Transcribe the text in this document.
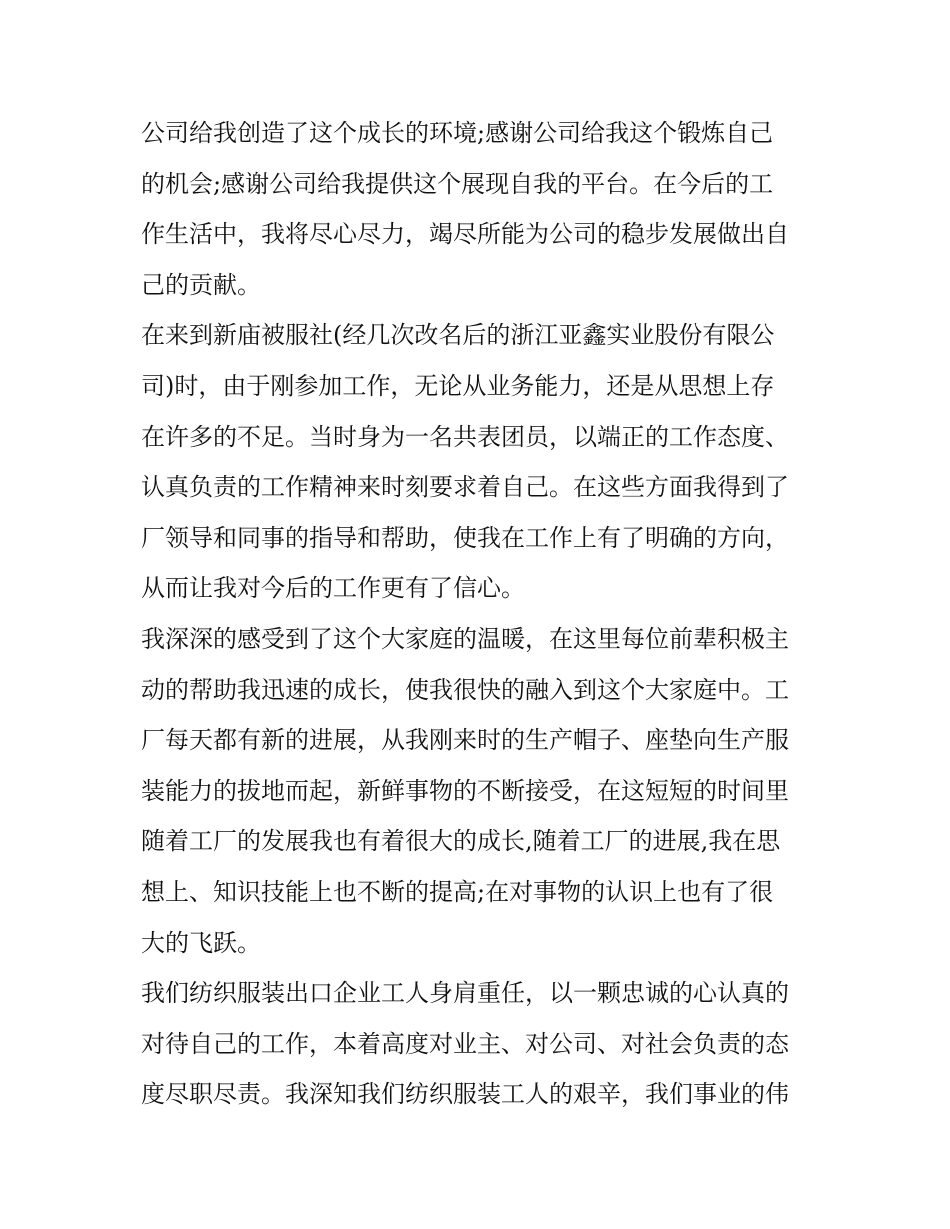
公司给我创造了这个成长的环境;感谢公司给我这个锻炼自己
的机会;感谢公司给我提供这个展现自我的平台。在今后的工
作生活中，我将尽心尽力，竭尽所能为公司的稳步发展做出自
己的贡献。
在来到新庙被服社(经几次改名后的浙江亚鑫实业股份有限公
司)时，由于刚参加工作，无论从业务能力，还是从思想上存
在许多的不足。当时身为一名共表团员，以端正的工作态度、
认真负责的工作精神来时刻要求着自己。在这些方面我得到了
厂领导和同事的指导和帮助，使我在工作上有了明确的方向，
从而让我对今后的工作更有了信心。
我深深的感受到了这个大家庭的温暖，在这里每位前辈积极主
动的帮助我迅速的成长，使我很快的融入到这个大家庭中。工
厂每天都有新的进展，从我刚来时的生产帽子、座垫向生产服
装能力的拔地而起，新鲜事物的不断接受，在这短短的时间里
随着工厂的发展我也有着很大的成长,随着工厂的进展,我在思
想上、知识技能上也不断的提高;在对事物的认识上也有了很
大的飞跃。
我们纺织服装出口企业工人身肩重任，以一颗忠诚的心认真的
对待自己的工作，本着高度对业主、对公司、对社会负责的态
度尽职尽责。我深知我们纺织服装工人的艰辛，我们事业的伟
